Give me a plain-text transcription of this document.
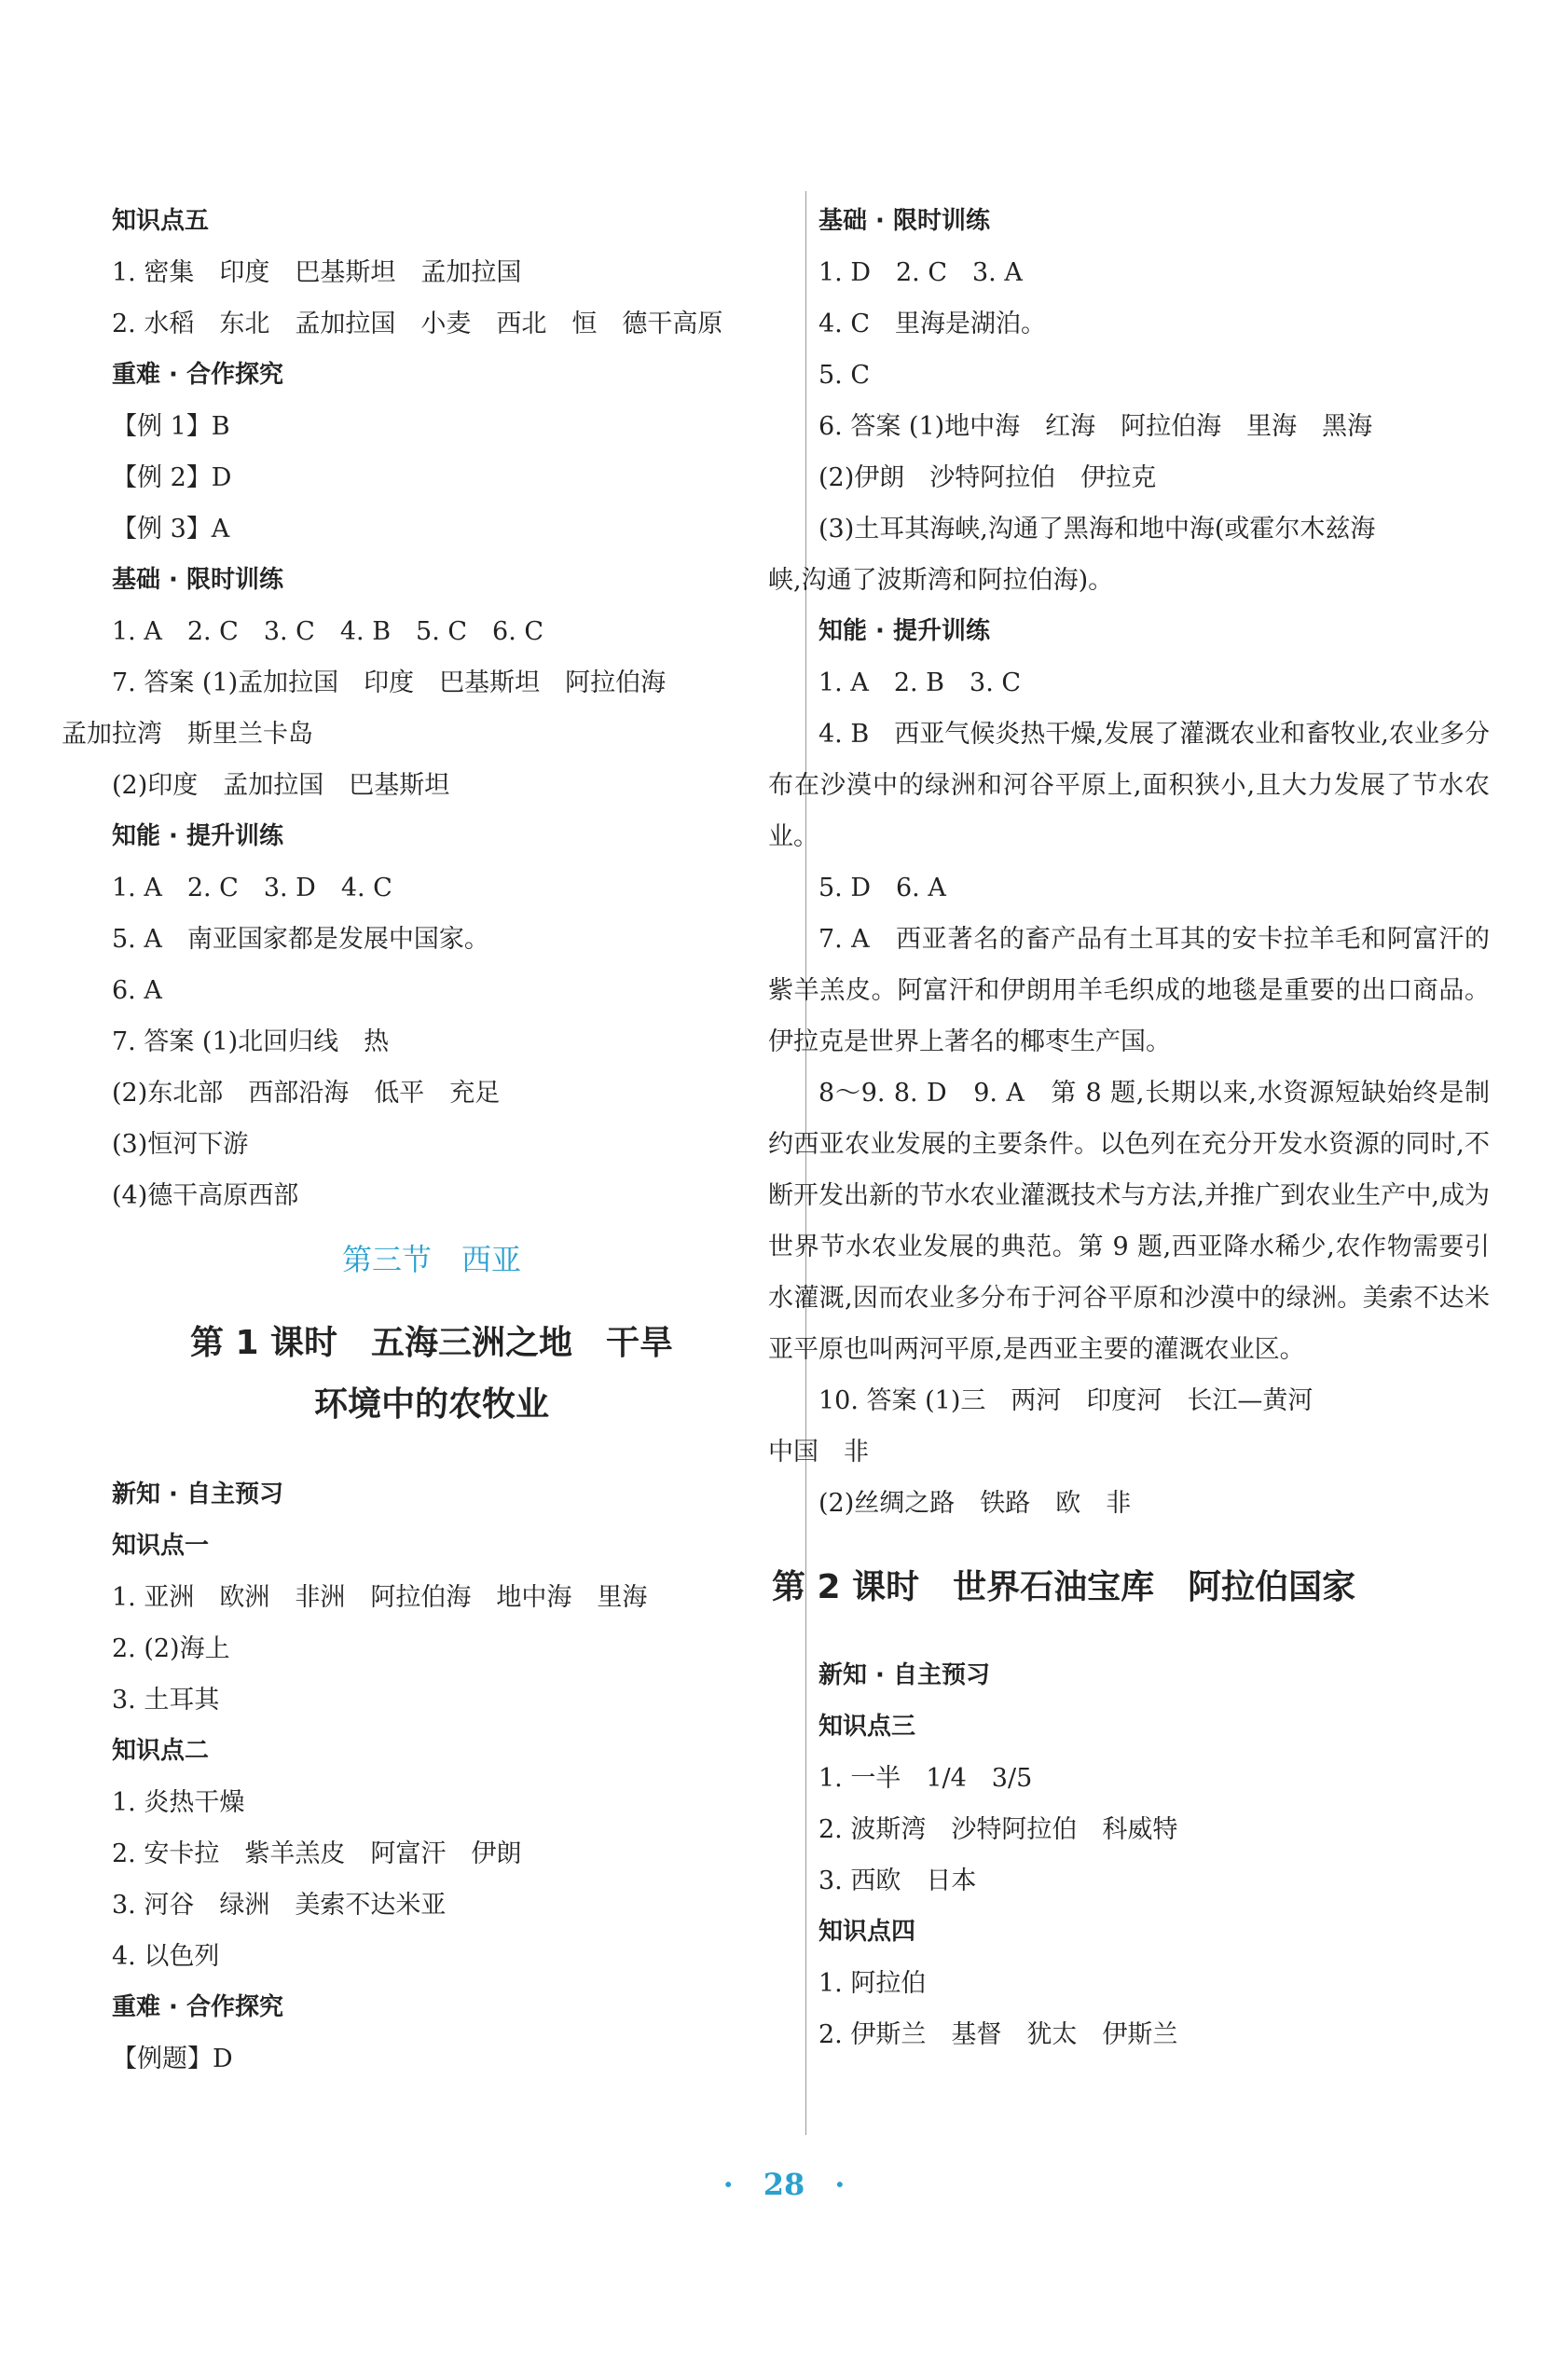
知识点五
1. 密集　印度　巴基斯坦　孟加拉国
2. 水稻　东北　孟加拉国　小麦　西北　恒　德干高原
重难 · 合作探究
【例 1】B
【例 2】D
【例 3】A
基础 · 限时训练
1. A　2. C　3. C　4. B　5. C　6. C
7. 答案 (1)孟加拉国　印度　巴基斯坦　阿拉伯海
孟加拉湾　斯里兰卡岛
(2)印度　孟加拉国　巴基斯坦
知能 · 提升训练
1. A　2. C　3. D　4. C
5. A　南亚国家都是发展中国家。
6. A
7. 答案 (1)北回归线　热
(2)东北部　西部沿海　低平　充足
(3)恒河下游
(4)德干高原西部
第三节　西亚
第 1 课时　五海三洲之地　干旱
环境中的农牧业
新知 · 自主预习
知识点一
1. 亚洲　欧洲　非洲　阿拉伯海　地中海　里海
2. (2)海上
3. 土耳其
知识点二
1. 炎热干燥
2. 安卡拉　紫羊羔皮　阿富汗　伊朗
3. 河谷　绿洲　美索不达米亚
4. 以色列
重难 · 合作探究
【例题】D
基础 · 限时训练
1. D　2. C　3. A
4. C　里海是湖泊。
5. C
6. 答案 (1)地中海　红海　阿拉伯海　里海　黑海
(2)伊朗　沙特阿拉伯　伊拉克
(3)土耳其海峡,沟通了黑海和地中海(或霍尔木兹海
峡,沟通了波斯湾和阿拉伯海)。
知能 · 提升训练
1. A　2. B　3. C

4. B　西亚气候炎热干燥,发展了灌溉农业和畜牧业,农业多分布在沙漠中的绿洲和河谷平原上,面积狭小,且大力发展了节水农业。

5. D　6. A

7. A　西亚著名的畜产品有土耳其的安卡拉羊毛和阿富汗的紫羊羔皮。阿富汗和伊朗用羊毛织成的地毯是重要的出口商品。伊拉克是世界上著名的椰枣生产国。

8～9. 8. D　9. A　第 8 题,长期以来,水资源短缺始终是制约西亚农业发展的主要条件。以色列在充分开发水资源的同时,不断开发出新的节水农业灌溉技术与方法,并推广到农业生产中,成为世界节水农业发展的典范。第 9 题,西亚降水稀少,农作物需要引水灌溉,因而农业多分布于河谷平原和沙漠中的绿洲。美索不达米亚平原也叫两河平原,是西亚主要的灌溉农业区。

10. 答案 (1)三　两河　印度河　长江—黄河
中国　非
(2)丝绸之路　铁路　欧　非
第 2 课时　世界石油宝库　阿拉伯国家
新知 · 自主预习
知识点三
1. 一半　1/4　3/5
2. 波斯湾　沙特阿拉伯　科威特
3. 西欧　日本
知识点四
1. 阿拉伯
2. 伊斯兰　基督　犹太　伊斯兰
·　28　·
